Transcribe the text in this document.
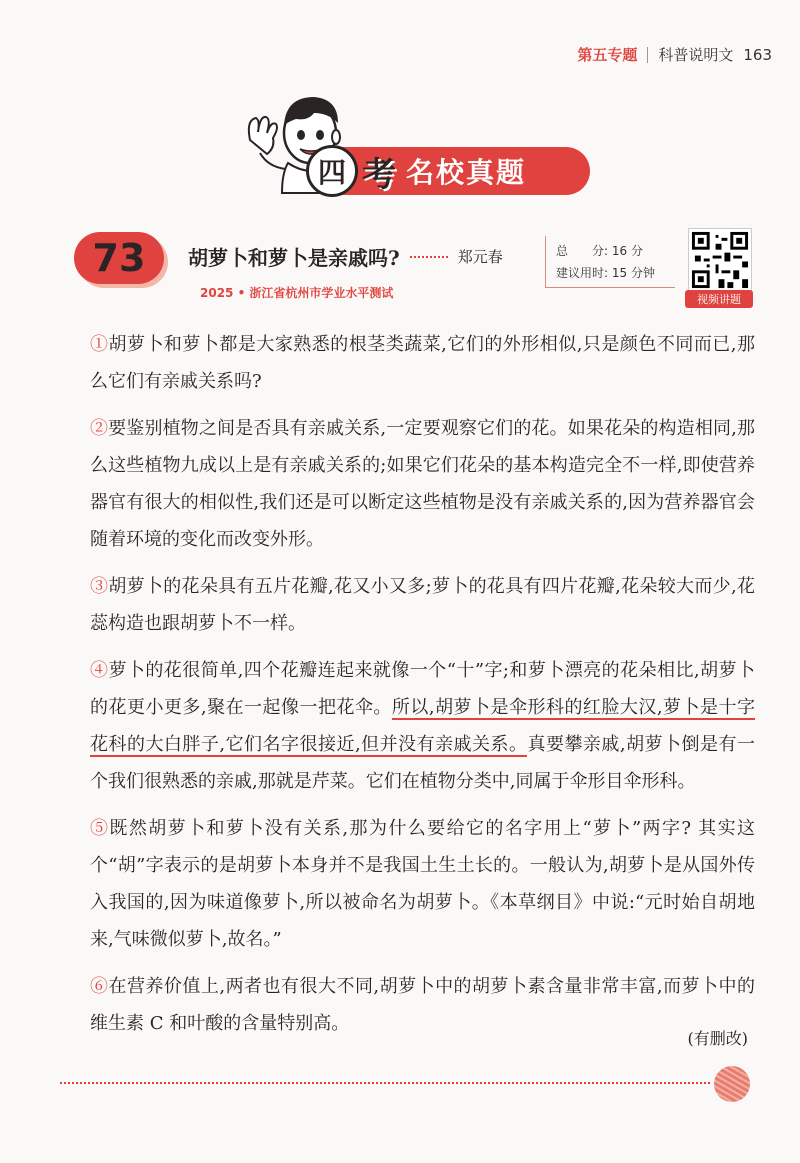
第五专题 科普说明文 163
四 考 名校真题
73	胡萝卜和萝卜是亲戚吗?	郑元春
2025 • 浙江省杭州市学业水平测试
总　　分: 16 分
建议用时: 15 分钟
视频讲题

①胡萝卜和萝卜都是大家熟悉的根茎类蔬菜,它们的外形相似,只是颜色不同而已,那么它们有亲戚关系吗?

②要鉴别植物之间是否具有亲戚关系,一定要观察它们的花。如果花朵的构造相同,那么这些植物九成以上是有亲戚关系的;如果它们花朵的基本构造完全不一样,即使营养器官有很大的相似性,我们还是可以断定这些植物是没有亲戚关系的,因为营养器官会随着环境的变化而改变外形。

③胡萝卜的花朵具有五片花瓣,花又小又多;萝卜的花具有四片花瓣,花朵较大而少,花蕊构造也跟胡萝卜不一样。

④萝卜的花很简单,四个花瓣连起来就像一个“十”字;和萝卜漂亮的花朵相比,胡萝卜的花更小更多,聚在一起像一把花伞。所以,胡萝卜是伞形科的红脸大汉,萝卜是十字花科的大白胖子,它们名字很接近,但并没有亲戚关系。真要攀亲戚,胡萝卜倒是有一个我们很熟悉的亲戚,那就是芹菜。它们在植物分类中,同属于伞形目伞形科。

⑤既然胡萝卜和萝卜没有关系,那为什么要给它的名字用上“萝卜”两字? 其实这个“胡”字表示的是胡萝卜本身并不是我国土生土长的。一般认为,胡萝卜是从国外传入我国的,因为味道像萝卜,所以被命名为胡萝卜。《本草纲目》中说:“元时始自胡地来,气味微似萝卜,故名。”

⑥在营养价值上,两者也有很大不同,胡萝卜中的胡萝卜素含量非常丰富,而萝卜中的维生素 C 和叶酸的含量特别高。

(有删改)
